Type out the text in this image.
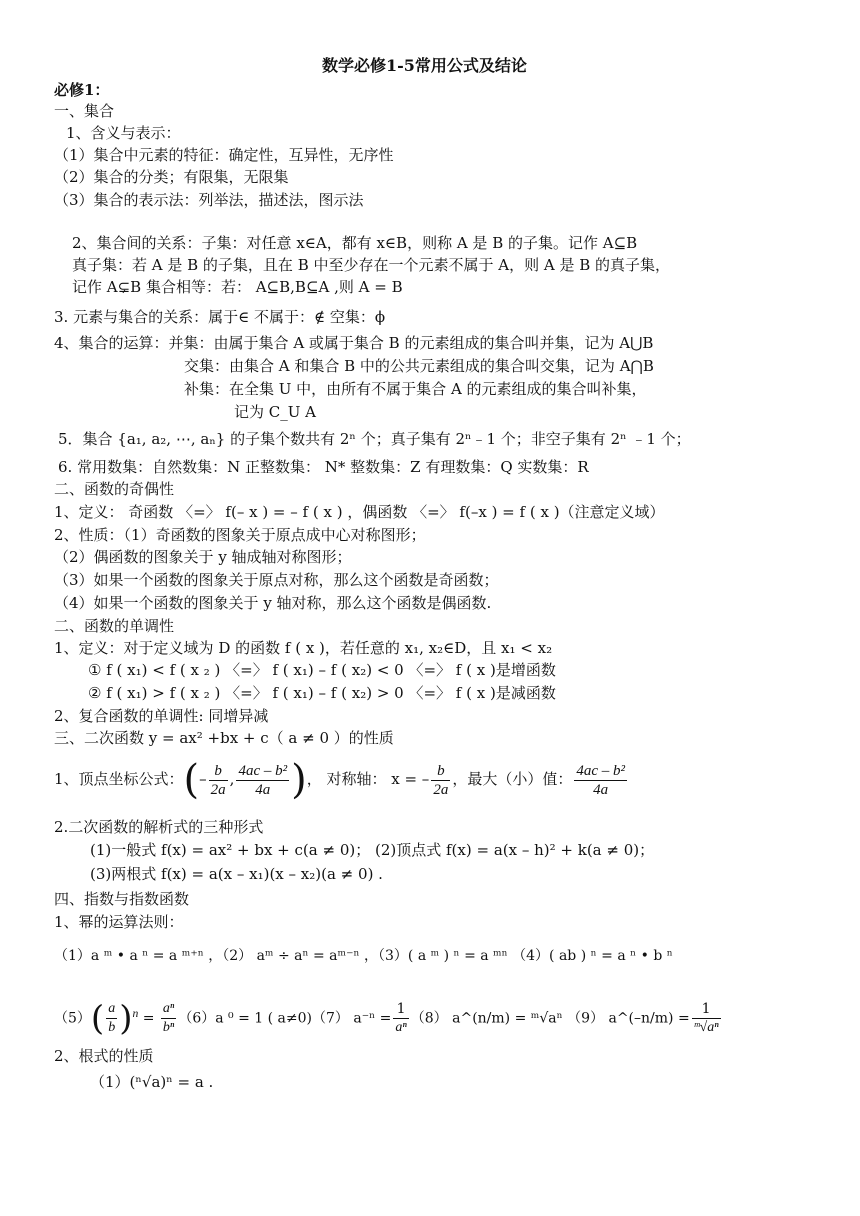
数学必修1-5常用公式及结论
必修1：
一、集合
1、含义与表示：
（1）集合中元素的特征：确定性，互异性，无序性
（2）集合的分类；有限集，无限集
（3）集合的表示法：列举法，描述法，图示法
2、集合间的关系：子集：对任意 x∈A，都有 x∈B，则称 A 是 B 的子集。记作 A⊆B
真子集：若 A 是 B 的子集，且在 B 中至少存在一个元素不属于 A，则 A 是 B 的真子集，
记作 A⊊B 集合相等：若： A⊆B,B⊆A ,则 A = B
3. 元素与集合的关系：属于∈ 不属于：∉ 空集：ϕ
4、集合的运算：并集：由属于集合 A 或属于集合 B 的元素组成的集合叫并集，记为 A⋃B
交集：由集合 A 和集合 B 中的公共元素组成的集合叫交集，记为 A⋂B
补集：在全集 U 中，由所有不属于集合 A 的元素组成的集合叫补集，
记为 C_U A
5．集合 {a₁, a₂, ⋯, aₙ} 的子集个数共有 2ⁿ 个；真子集有 2ⁿ﹣1 个；非空子集有 2ⁿ ﹣1 个；
6. 常用数集：自然数集：N 正整数集： N* 整数集：Z 有理数集：Q 实数集：R
二、函数的奇偶性
1、定义： 奇函数 〈=〉 f(– x ) = – f ( x ) ，偶函数 〈=〉 f(–x ) = f ( x )（注意定义域）
2、性质：（1）奇函数的图象关于原点成中心对称图形；
（2）偶函数的图象关于 y 轴成轴对称图形；
（3）如果一个函数的图象关于原点对称，那么这个函数是奇函数；
（4）如果一个函数的图象关于 y 轴对称，那么这个函数是偶函数.
二、函数的单调性
1、定义：对于定义域为 D 的函数 f ( x )，若任意的 x₁, x₂∈D，且 x₁ < x₂
① f ( x₁) < f ( x ₂ ) 〈=〉 f ( x₁) – f ( x₂) < 0 〈=〉 f ( x )是增函数
② f ( x₁) > f ( x ₂ ) 〈=〉 f ( x₁) – f ( x₂) > 0 〈=〉 f ( x )是减函数
2、复合函数的单调性: 同增异减
三、二次函数 y = ax² +bx + c（ a ≠ 0 ）的性质
1、顶点坐标公式：(– $\frac{b}{2a}$ , $\frac{\text{4ac – b²}}{4a}$ )， 对称轴： x = – $\frac{b}{2a}$ ，最大（小）值： $\frac{\text{4ac – b²}}{4a}$
2.二次函数的解析式的三种形式
(1)一般式 f(x) = ax² + bx + c(a ≠ 0)； (2)顶点式 f(x) = a(x – h)² + k(a ≠ 0)；
(3)两根式 f(x) = a(x – x₁)(x – x₂)(a ≠ 0) .
四、指数与指数函数
1、幂的运算法则：
（1）a ᵐ • a ⁿ = a ᵐ⁺ⁿ ，（2） aᵐ ÷ aⁿ = aᵐ⁻ⁿ ，（3）( a ᵐ ) ⁿ = a ᵐⁿ （4）( ab ) ⁿ = a ⁿ • b ⁿ
$(5)( \frac{a}{b} )^n = \frac{\text{aⁿ}}{\text{bⁿ}} (6)a$ ⁰ = 1 ( a≠0)（7） $a^{-n} = \frac{1}{\text{aⁿ}} (8)$ a^(n/m) = ᵐ√aⁿ （9） a^(–n/m) = $\frac{1}{\text{ᵐ√aⁿ}}$
2、根式的性质
（1）(ⁿ√a)ⁿ = a .
